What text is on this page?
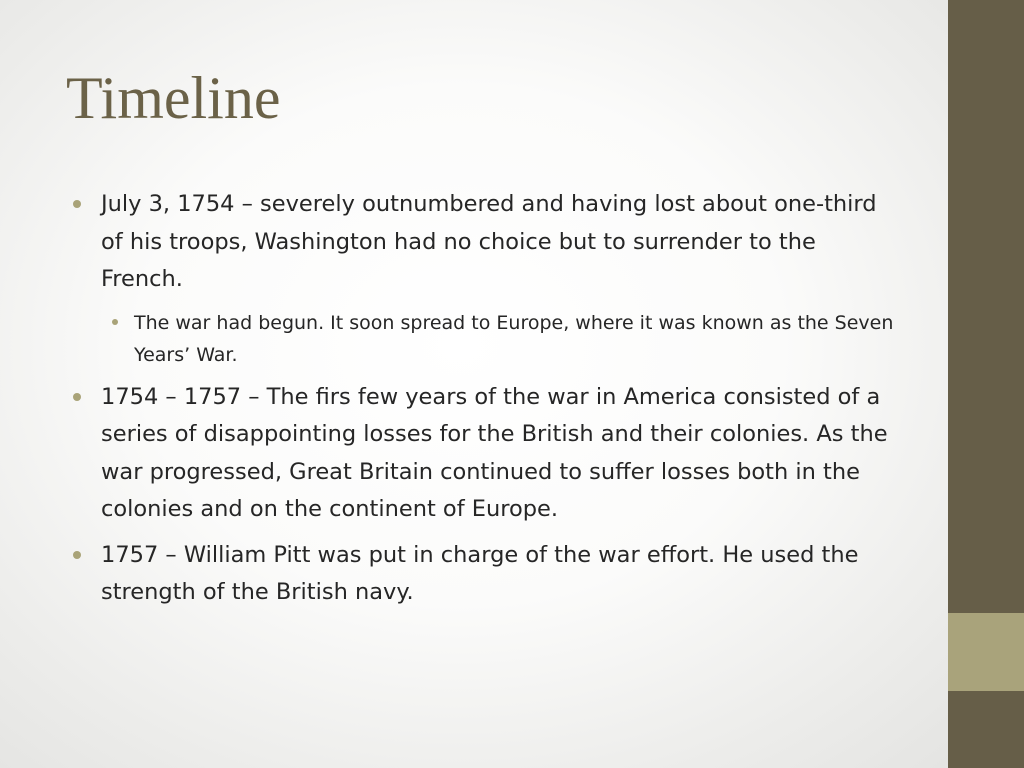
Timeline
July 3, 1754 – severely outnumbered and having lost about one-third of his troops, Washington had no choice but to surrender to the French.
The war had begun. It soon spread to Europe, where it was known as the Seven Years’ War.
1754 – 1757 – The firs few years of the war in America consisted of a series of disappointing losses for the British and their colonies. As the war progressed, Great Britain continued to suffer losses both in the colonies and on the continent of Europe.
1757 – William Pitt was put in charge of the war effort. He used the strength of the British navy.
